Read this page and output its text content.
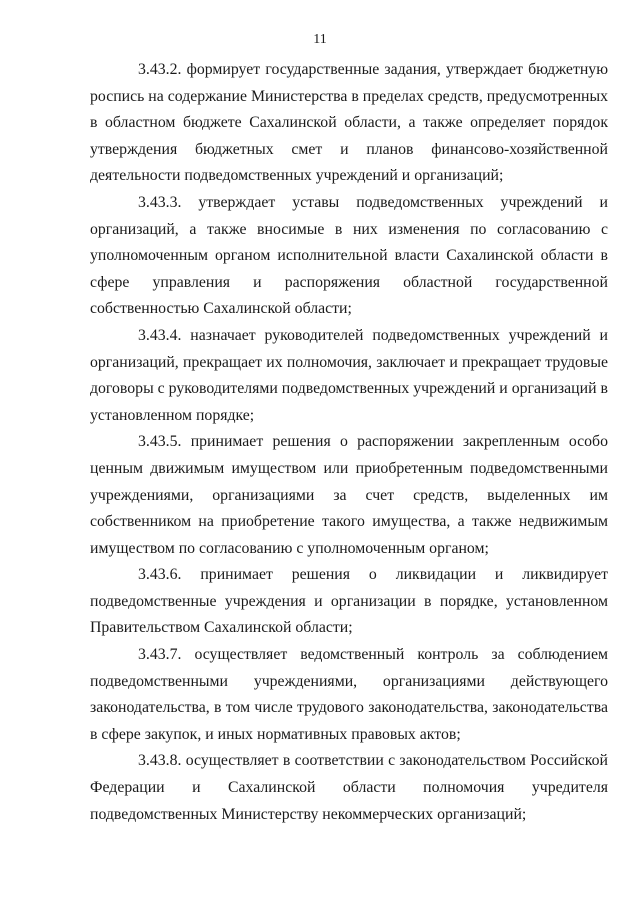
11

3.43.2. формирует государственные задания, утверждает бюджетную роспись на содержание Министерства в пределах средств, предусмотренных в областном бюджете Сахалинской области, а также определяет порядок утверждения бюджетных смет и планов финансово-хозяйственной деятельности подведомственных учреждений и организаций;

3.43.3. утверждает уставы подведомственных учреждений и организаций, а также вносимые в них изменения по согласованию с уполномоченным органом исполнительной власти Сахалинской области в сфере управления и распоряжения областной государственной собственностью Сахалинской области;

3.43.4. назначает руководителей подведомственных учреждений и организаций, прекращает их полномочия, заключает и прекращает трудовые договоры с руководителями подведомственных учреждений и организаций в установленном порядке;

3.43.5. принимает решения о распоряжении закрепленным особо ценным движимым имуществом или приобретенным подведомственными учреждениями, организациями за счет средств, выделенных им собственником на приобретение такого имущества, а также недвижимым имуществом по согласованию с уполномоченным органом;

3.43.6. принимает решения о ликвидации и ликвидирует подведомственные учреждения и организации в порядке, установленном Правительством Сахалинской области;

3.43.7. осуществляет ведомственный контроль за соблюдением подведомственными учреждениями, организациями действующего законодательства, в том числе трудового законодательства, законодательства в сфере закупок, и иных нормативных правовых актов;

3.43.8. осуществляет в соответствии с законодательством Российской Федерации и Сахалинской области полномочия учредителя подведомственных Министерству некоммерческих организаций;
